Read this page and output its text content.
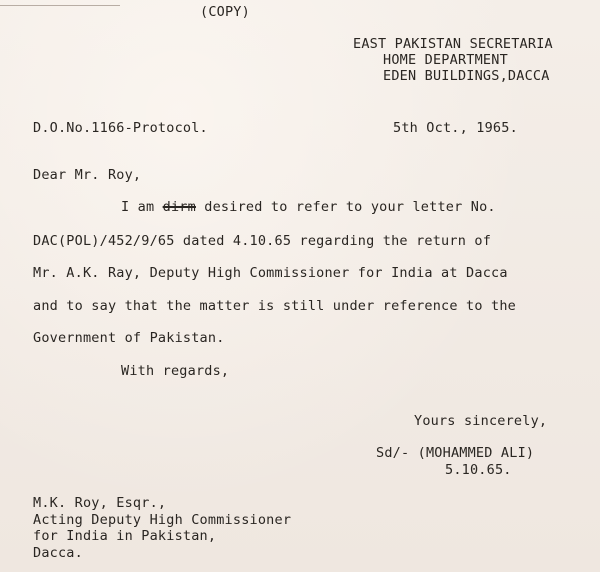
(COPY)
EAST PAKISTAN SECRETARIA
HOME DEPARTMENT
EDEN BUILDINGS,DACCA
D.O.No.1166-Protocol.	5th Oct., 1965.
Dear Mr. Roy,
I am dirm desired to refer to your letter No.
DAC(POL)/452/9/65 dated 4.10.65 regarding the return of
Mr. A.K. Ray, Deputy High Commissioner for India at Dacca
and to say that the matter is still under reference to the
Government of Pakistan.
With regards,
Yours sincerely,
Sd/- (MOHAMMED ALI)
5.10.65.
M.K. Roy, Esqr.,
Acting Deputy High Commissioner
for India in Pakistan,
Dacca.
